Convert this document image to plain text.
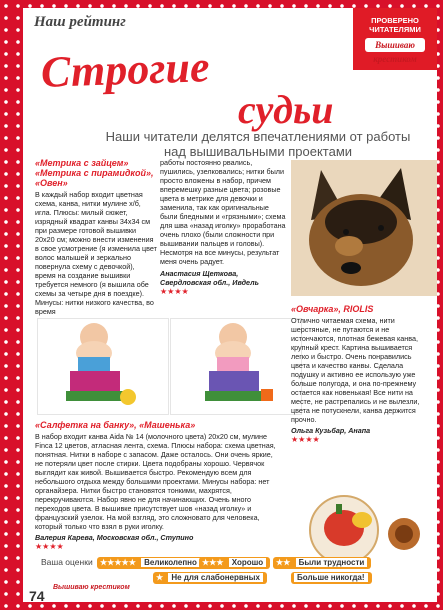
Наш рейтинг	ПРОВЕРЕНО
ЧИТАТЕЛЯМИ
Вышиваю крестиком
Строгие
судьи
Наши читатели делятся впечатлениями от работы над вышивальными проектами
«Метрика с зайцем» «Метрика с пирамидкой», «Овен»
В каждый набор входит цветная схема, канва, нитки мулине х/б, игла. Плюсы: милый сюжет, изрядный квадрат канвы 34х34 см при размере готовой вышивки 20х20 см; можно внести изменения в свое усмотрение (я изменила цвет волос малышей и зеркально повернула схему с девочкой), время на создание вышивки требуется немного (я вышила обе схемы за четыре дня в поездке). Минусы: нитки низкого качества, во время
работы постоянно рвались, пушились, узелковались; нитки были просто вложены в набор, причем вперемешку разные цвета; розовые цвета в метрике для девочки и заменила, так как оригинальные были бледными и «грязными»; схема для шва «назад иголку» проработана очень плохо (были сложности при вышивании пальцев и головы). Несмотря на все минусы, результат меня очень радует.
Анастасия Щеткова,
Свердловская обл., Ивдель
★★★★
«Овчарка», RIOLIS
Отлично читаемая схема, нити шерстяные, не путаются и не истончаются, плотная бежевая канва, крупный крест. Картина вышивается легко и быстро. Очень понравились цвета и качество канвы. Сделала подушку и активно ее использую уже больше полугода, и она по-прежнему остается как новенькая! Все нити на месте, не растрепались и не вылезли, цвета не потускнели, канва держится прочно.
Ольга Кузьбар, Анапа
★★★★
«Салфетка на банку», «Машенька»
В набор входит канва Aida № 14 (молочного цвета) 20х20 см, мулине Finca 12 цветов, атласная лента, схема. Плюсы набора: схема цветная, понятная. Нитки в наборе с запасом. Даже осталось. Они очень яркие, не потеряли цвет после стирки. Цвета подобраны хорошо. Червячок выглядит как живой. Вышивается быстро. Рекомендую всем для небольшого отдыха между большими проектами. Минусы набора: нет органайзера. Нитки быстро становятся тонкими, махрятся, перекручиваются. Набор явно не для начинающих. Очень много переходов цвета. В вышивке присутствует шов «назад иголку» и французский узелок. На мой взгляд, это сложновато для человека, который только что взял в руки иголку.
Валерия Карева, Московская обл., Ступино
★★★★
Ваша оценки ★★★★★ Великолепно ★★★ Хорошо	★★ Были трудности
★ Не для слабонервных	Больше никогда!
74
Вышиваю крестиком	Страна Мам
